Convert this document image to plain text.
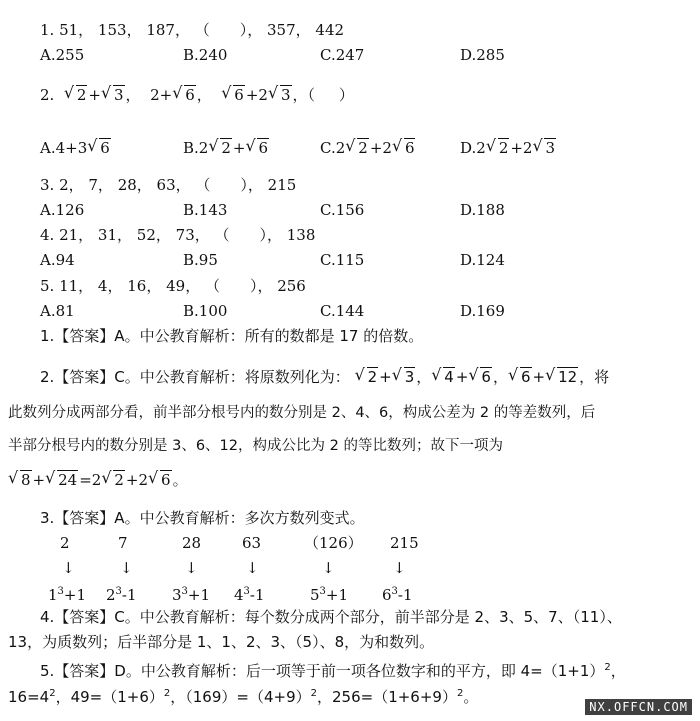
1. 51， 153， 187， （　　）， 357， 442
A.255	B.240	C.247	D.285
2. √ 2 + √ 3 ，  2+ √ 6 ， √ 6 +2 √ 3 ，（     ）
A.4+3 √ 6	B.2 √ 2 + √ 6	C.2 √ 2 +2 √ 6	D.2 √ 2 +2 √ 3
3. 2， 7， 28， 63， （　　）， 215
A.126	B.143	C.156	D.188
4. 21， 31， 52， 73， （　　）， 138
A.94	B.95	C.115	D.124
5. 11， 4， 16， 49， （　　）， 256
A.81	B.100	C.144	D.169
1.【答案】A。中公教育解析：所有的数都是 17 的倍数。
2.【答案】C。中公教育解析：将原数列化为： √ 2 + √ 3 ， √ 4 + √ 6 ， √ 6 + √ 12 ，将
此数列分成两部分看，前半部分根号内的数分别是 2、4、6，构成公差为 2 的等差数列，后
半部分根号内的数分别是 3、6、12，构成公比为 2 的等比数列；故下一项为
√ 8 + √ 24 =2 √ 2 +2 √ 6 。
3.【答案】A。中公教育解析：多次方数列变式。
2	7	28	63	（126） 215
↓	↓	↓	↓	↓	↓
$1^3+1$ $2^3-1$ $3^3+1$ $4^3-1$	$5^3+1$ $6^3-1$
4.【答案】C。中公教育解析：每个数分成两个部分，前半部分是 2、3、5、7、（11）、
13，为质数列；后半部分是 1、1、2、3、（5）、8，为和数列。
5.【答案】D。中公教育解析：后一项等于前一项各位数字和的平方，即 $4=(1+1)^2$，
$16=4^2$，$49=(1+6)^2$，$(169)=(4+9)^2$，$256=(1+6+9)^2$。
NX.OFFCN.COM
